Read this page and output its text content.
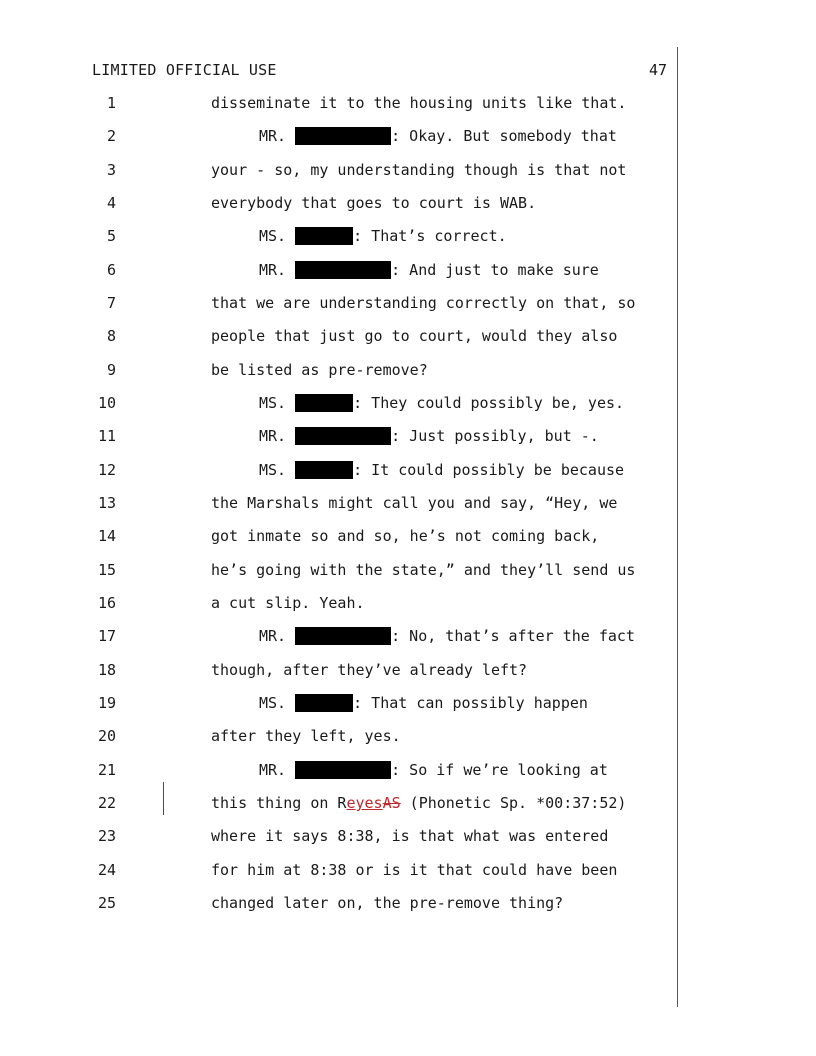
LIMITED OFFICIAL USE	47
1	disseminate it to the housing units like that.
2	MR.	: Okay. But somebody that
3	your - so, my understanding though is that not
4	everybody that goes to court is WAB.
5	MS.	: That’s correct.
6	MR.	: And just to make sure
7	that we are understanding correctly on that, so
8	people that just go to court, would they also
9	be listed as pre-remove?
10	MS.	: They could possibly be, yes.
11	MR.	: Just possibly, but -.
12	MS.	: It could possibly be because
13	the Marshals might call you and say, “Hey, we
14	got inmate so and so, he’s not coming back,
15	he’s going with the state,” and they’ll send us
16	a cut slip. Yeah.
17	MR.	: No, that’s after the fact
18	though, after they’ve already left?
19	MS.	: That can possibly happen
20	after they left, yes.
21	MR.	: So if we’re looking at
22	this thing on ReyesAS (Phonetic Sp. *00:37:52)
23	where it says 8:38, is that what was entered
24	for him at 8:38 or is it that could have been
25	changed later on, the pre-remove thing?
